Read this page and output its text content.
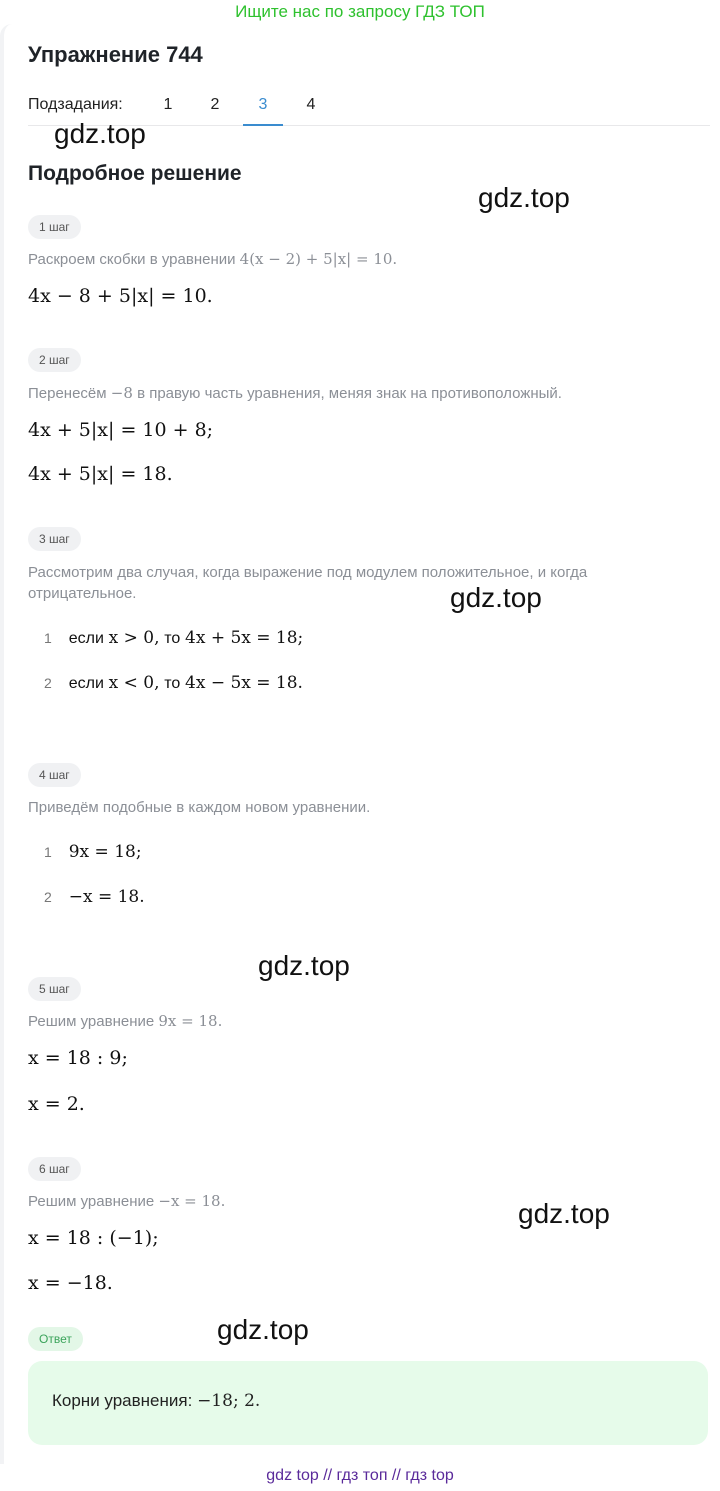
Ищите нас по запросу ГДЗ ТОП
Упражнение 744
Подзадания:	1	2	3	4
gdz.top
gdz.top
gdz.top
gdz.top
gdz.top
gdz.top
Подробное решение
1 шаг
Раскроем скобки в уравнении 4(x − 2) + 5|x| = 10.
4x − 8 + 5|x| = 10.
2 шаг
Перенесём −8 в правую часть уравнения, меняя знак на противоположный.
4x + 5|x| = 10 + 8;
4x + 5|x| = 18.
3 шаг
Рассмотрим два случая, когда выражение под модулем положительное, и когда отрицательное.
1 если x > 0, то 4x + 5x = 18;
2 если x < 0, то 4x − 5x = 18.
4 шаг
Приведём подобные в каждом новом уравнении.
1 9x = 18;
2 −x = 18.
5 шаг
Решим уравнение 9x = 18.
x = 18 : 9;
x = 2.
6 шаг
Решим уравнение −x = 18.
x = 18 : (−1);
x = −18.
Ответ
Корни уравнения: −18; 2.
gdz top // гдз топ // гдз top
